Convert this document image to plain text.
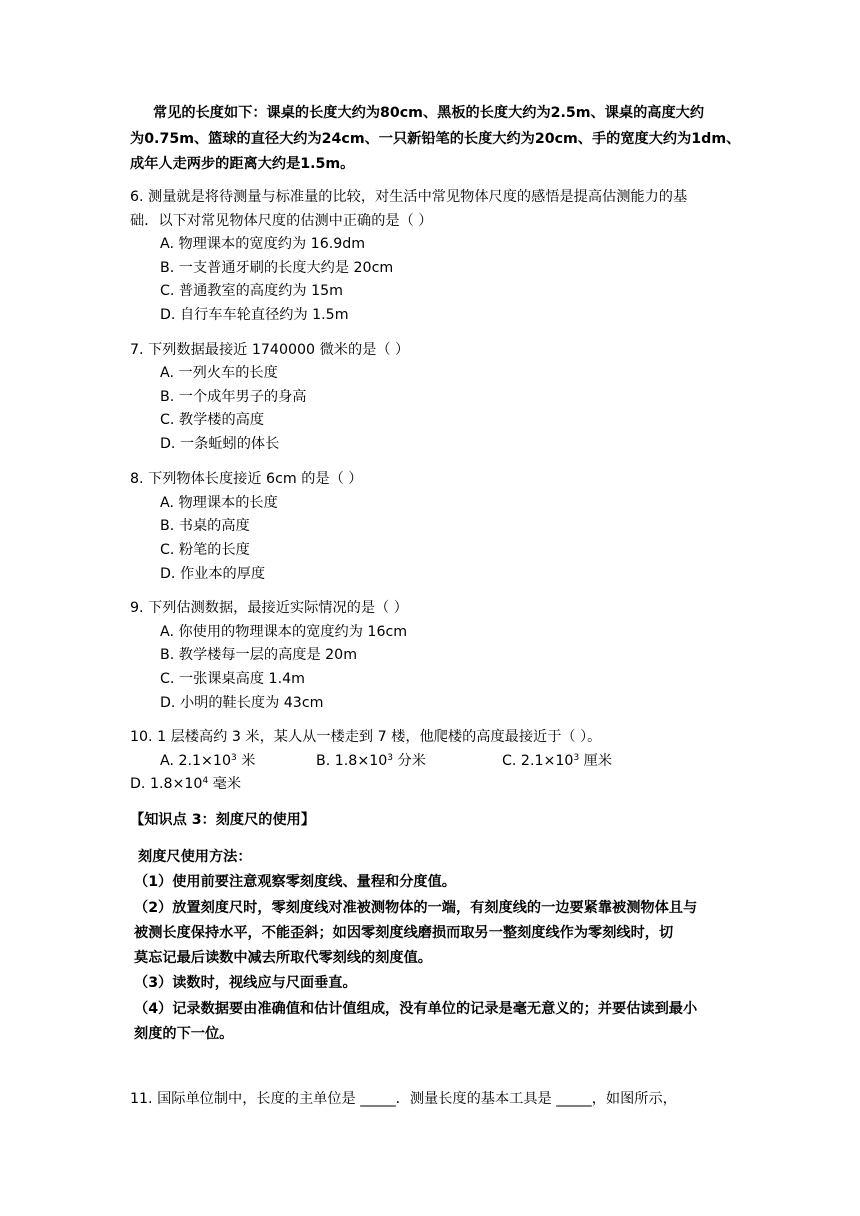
常见的长度如下：课桌的长度大约为80cm、黑板的长度大约为2.5m、课桌的高度大约
为0.75m、篮球的直径大约为24cm、一只新铅笔的长度大约为20cm、手的宽度大约为1dm、
成年人走两步的距离大约是1.5m。
6. 测量就是将待测量与标准量的比较，对生活中常见物体尺度的感悟是提高估测能力的基
础．以下对常见物体尺度的估测中正确的是（ ）
A. 物理课本的宽度约为 16.9dm
B. 一支普通牙刷的长度大约是 20cm
C. 普通教室的高度约为 15m
D. 自行车车轮直径约为 1.5m
7. 下列数据最接近 1740000 微米的是（ ）
A. 一列火车的长度
B. 一个成年男子的身高
C. 教学楼的高度
D. 一条蚯蚓的体长
8. 下列物体长度接近 6cm 的是（ ）
A. 物理课本的长度
B. 书桌的高度
C. 粉笔的长度
D. 作业本的厚度
9. 下列估测数据，最接近实际情况的是（ ）
A. 你使用的物理课本的宽度约为 16cm
B. 教学楼每一层的高度是 20m
C. 一张课桌高度 1.4m
D. 小明的鞋长度为 43cm
10. 1 层楼高约 3 米，某人从一楼走到 7 楼，他爬楼的高度最接近于（ ）。
A. $2.1\times 10^3$ 米	B. $1.8\times 10^3$ 分米	C. $2.1\times 10^3$ 厘米
D. $1.8\times 10^4$ 毫米
【知识点 3：刻度尺的使用】
刻度尺使用方法：
（1）使用前要注意观察零刻度线、量程和分度值。
（2）放置刻度尺时，零刻度线对准被测物体的一端，有刻度线的一边要紧靠被测物体且与
被测长度保持水平，不能歪斜；如因零刻度线磨损而取另一整刻度线作为零刻线时，切
莫忘记最后读数中减去所取代零刻线的刻度值。
（3）读数时，视线应与尺面垂直。
（4）记录数据要由准确值和估计值组成，没有单位的记录是毫无意义的；并要估读到最小
刻度的下一位。
11. 国际单位制中，长度的主单位是 _____．测量长度的基本工具是 _____，如图所示，
